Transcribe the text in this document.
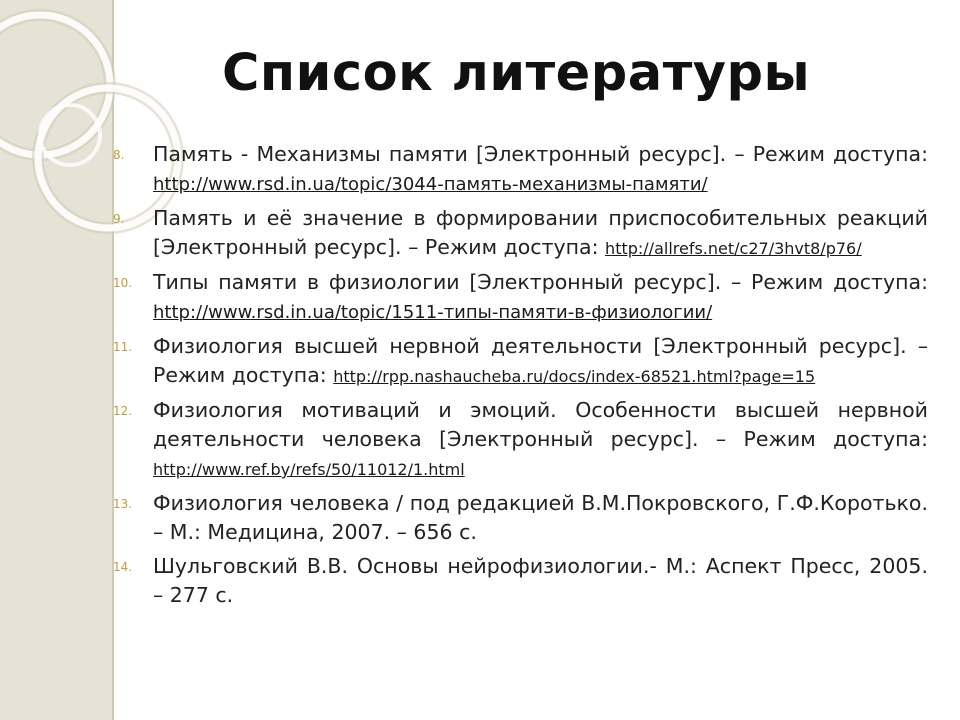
Список литературы
8.	Память - Механизмы памяти [Электронный ресурс]. – Режим доступа: http://www.rsd.in.ua/topic/3044-память-механизмы-памяти/
9.	Память и её значение в формировании приспособительных реакций [Электронный ресурс]. – Режим доступа: http://allrefs.net/c27/3hvt8/p76/
10.	Типы памяти в физиологии [Электронный ресурс]. – Режим доступа: http://www.rsd.in.ua/topic/1511-типы-памяти-в-физиологии/
11.	Физиология высшей нервной деятельности [Электронный ресурс]. – Режим доступа: http://rpp.nashaucheba.ru/docs/index-68521.html?page=15
12.	Физиология мотиваций и эмоций. Особенности высшей нервной деятельности человека [Электронный ресурс]. – Режим доступа: http://www.ref.by/refs/50/11012/1.html
13.	Физиология человека / под редакцией В.М.Покровского, Г.Ф.Коротько. – М.: Медицина, 2007. – 656 с.
14.	Шульговский В.В. Основы нейрофизиологии.- М.: Аспект Пресс, 2005. – 277 с.
